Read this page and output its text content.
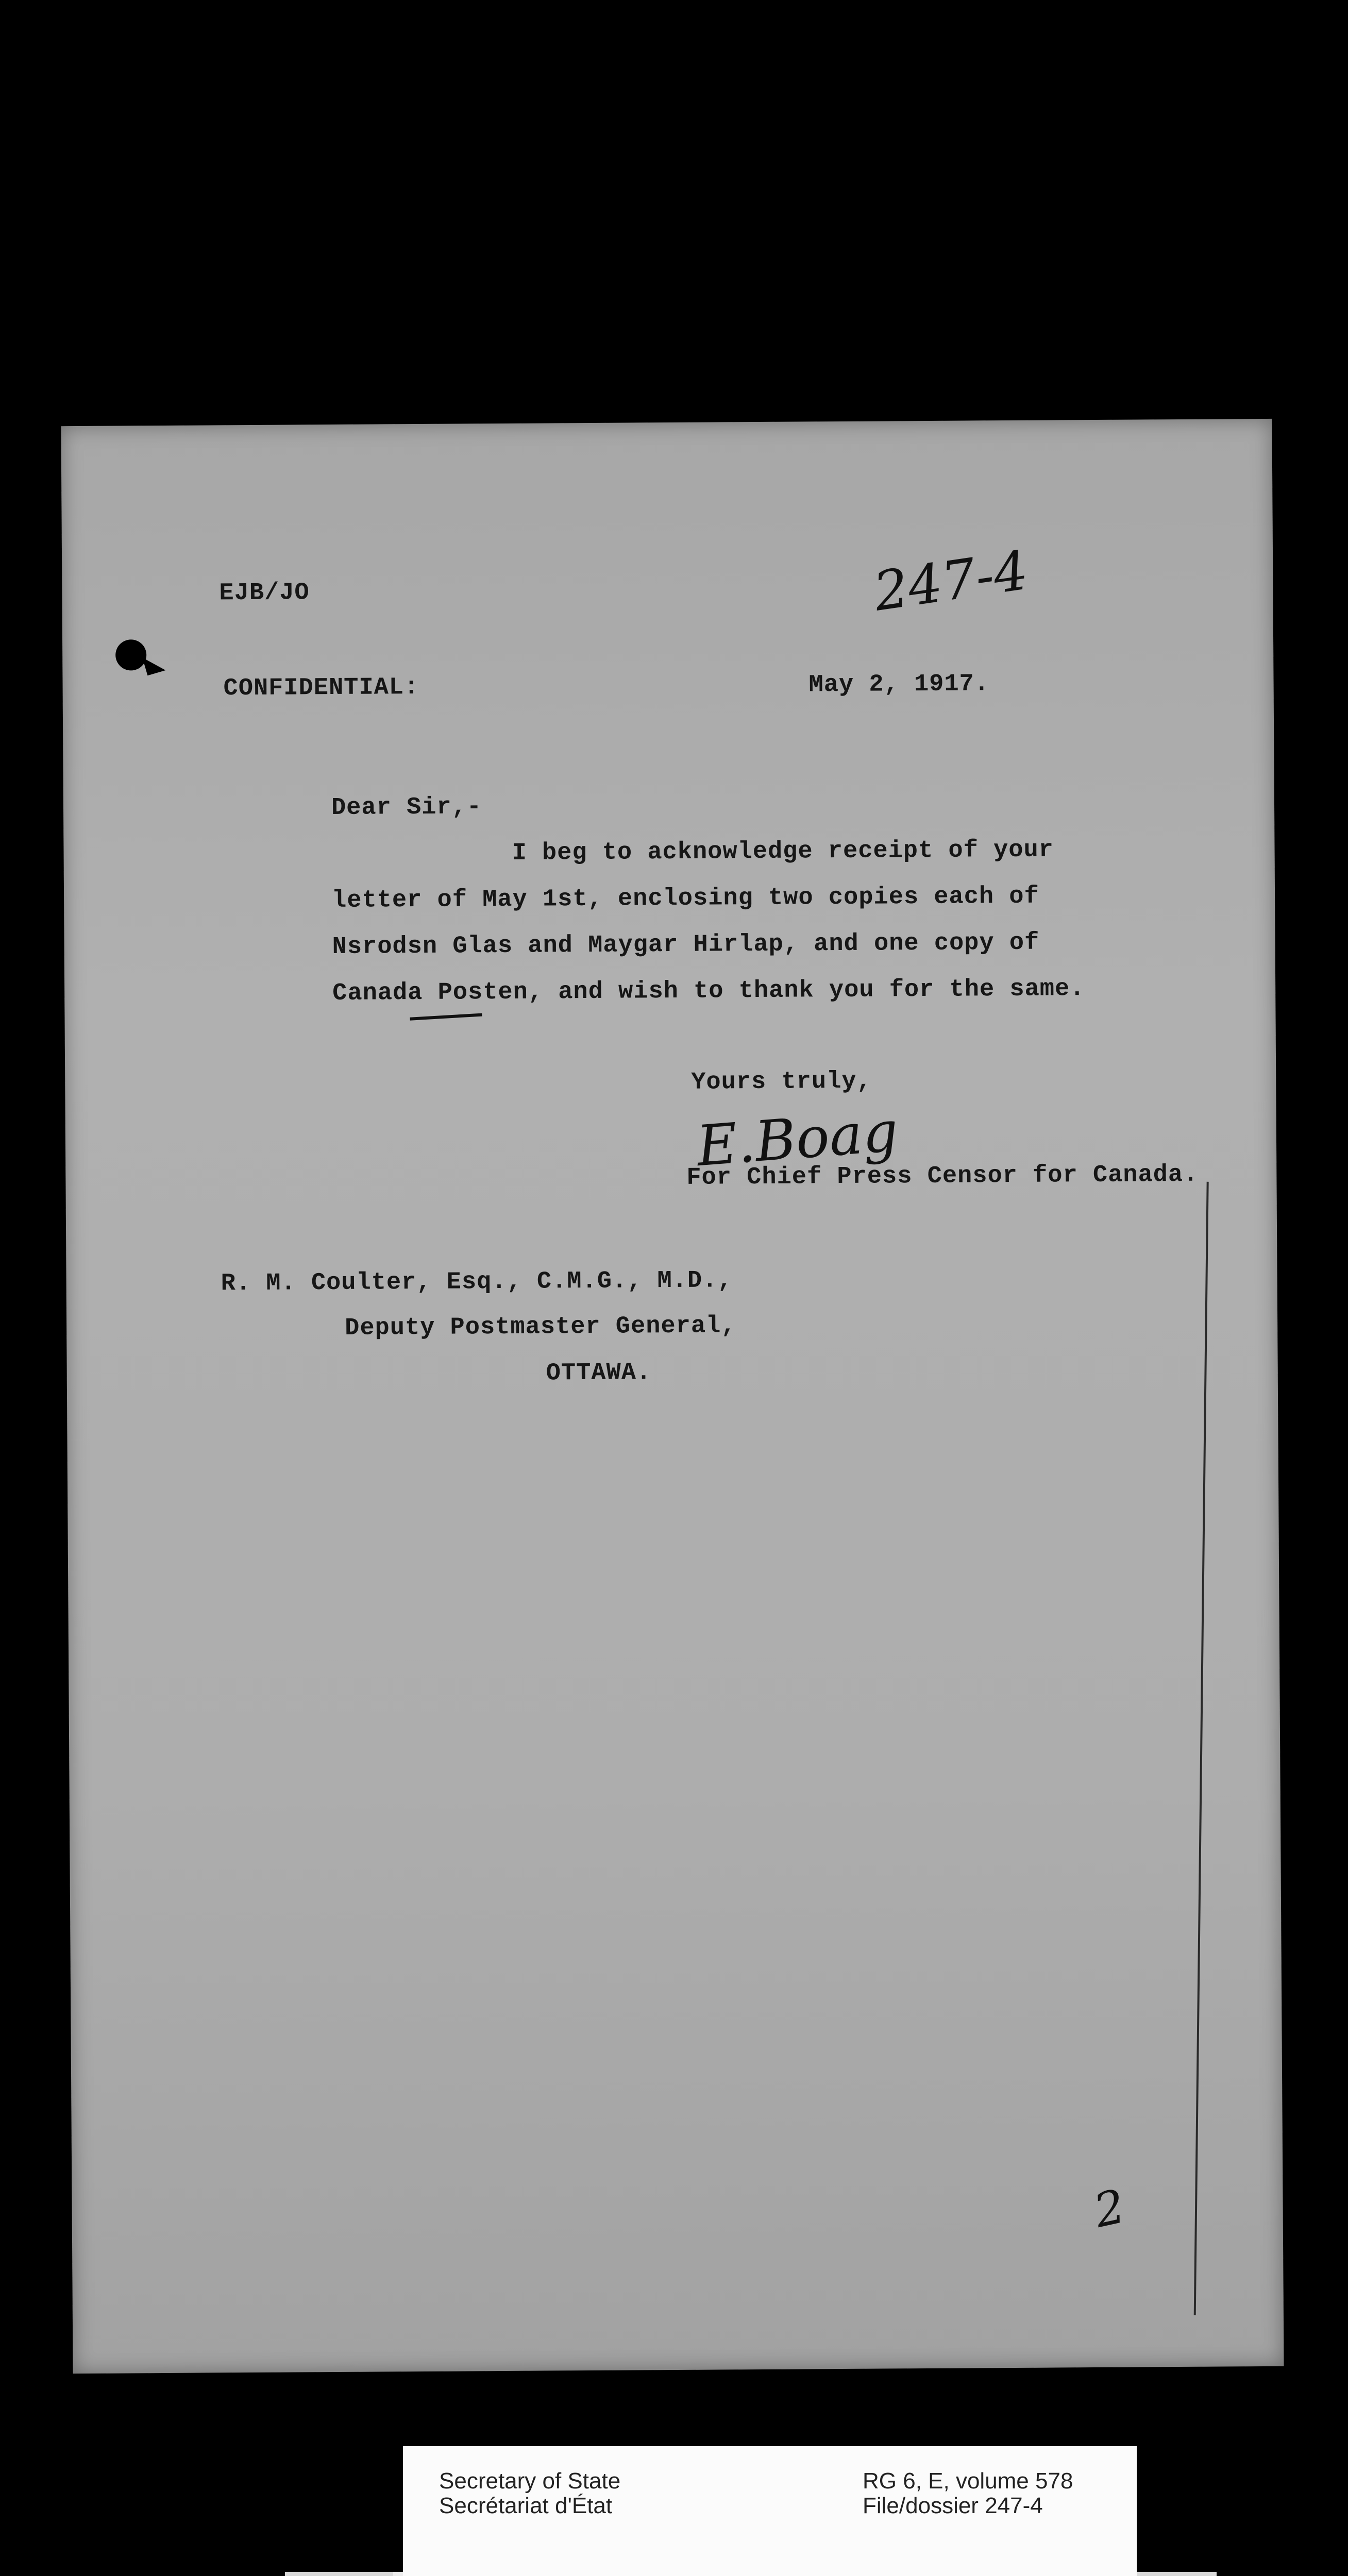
EJB/JO	247-4
CONFIDENTIAL:	May 2, 1917.
Dear Sir,-
I beg to acknowledge receipt of your
letter of May 1st, enclosing two copies each of
Nsrodsn Glas and Maygar Hirlap, and one copy of
Canada Posten, and wish to thank you for the same.
Yours truly,
E.Boag
For Chief Press Censor for Canada.
R. M. Coulter, Esq., C.M.G., M.D.,
Deputy Postmaster General,
OTTAWA.
2
Secretary of State
Secrétariat d'État
RG 6, E, volume 578
File/dossier 247-4
